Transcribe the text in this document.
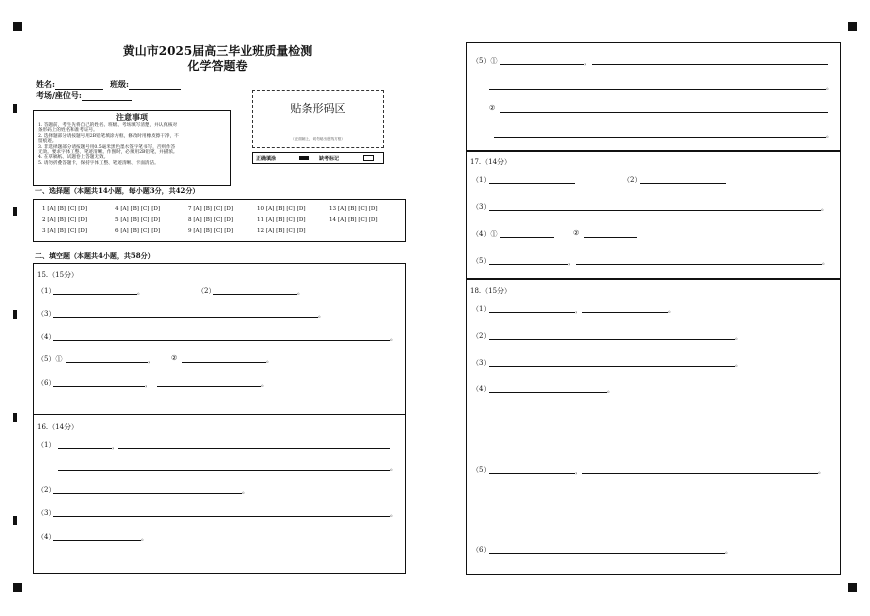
黄山市2025届高三毕业班质量检测
化学答题卷
姓名:	班级:
考场/座位号:
注意事项
1. 答题前，考生先将自己的姓名、班级、考场填写清楚，并认真核对
条形码上的姓名和准考证号。
2. 选择题部分请按题号用2B铅笔填涂方框，修改时用橡皮擦干净，不
留痕迹。
3. 非选择题部分请按题号用0.5毫米黑色墨水签字笔书写，否则作答
无效。要求字体工整、笔迹清晰。作图时，必须用2B铅笔，并描浓。
4. 在草稿纸、试题卷上答题无效。
5. 请勿折叠答题卡，保持字体工整、笔迹清晰、卡面清洁。
贴条形码区
（正面朝上，切勿贴出虚线方框）
正确填涂	缺考标记
一、选择题（本题共14小题，每小题3分，共42分）
1 [A] [B] [C] [D]	4 [A] [B] [C] [D]	7 [A] [B] [C] [D]	10 [A] [B] [C] [D]	13 [A] [B] [C] [D]
2 [A] [B] [C] [D]	5 [A] [B] [C] [D]	8 [A] [B] [C] [D]	11 [A] [B] [C] [D]	14 [A] [B] [C] [D]
3 [A] [B] [C] [D]	6 [A] [B] [C] [D]	9 [A] [B] [C] [D]	12 [A] [B] [C] [D]
二、填空题（本题共4小题，共58分）
15.（15分）
（1）	。	（2）	。
（3）	。
（4）	。
（5）①	， ②	。
（6）	，	。
16.（14分）
（1）	，
。
（2）	。
（3）	。
（4）	。
（5）①	，
。
②
。
17.（14分）
（1）	（2）
（3）	。
（4）①	②
（5）	，	。
18.（15分）
（1）	，	。
（2）	。
（3）	。
（4）	。
（5）	，	。
（6）	。
